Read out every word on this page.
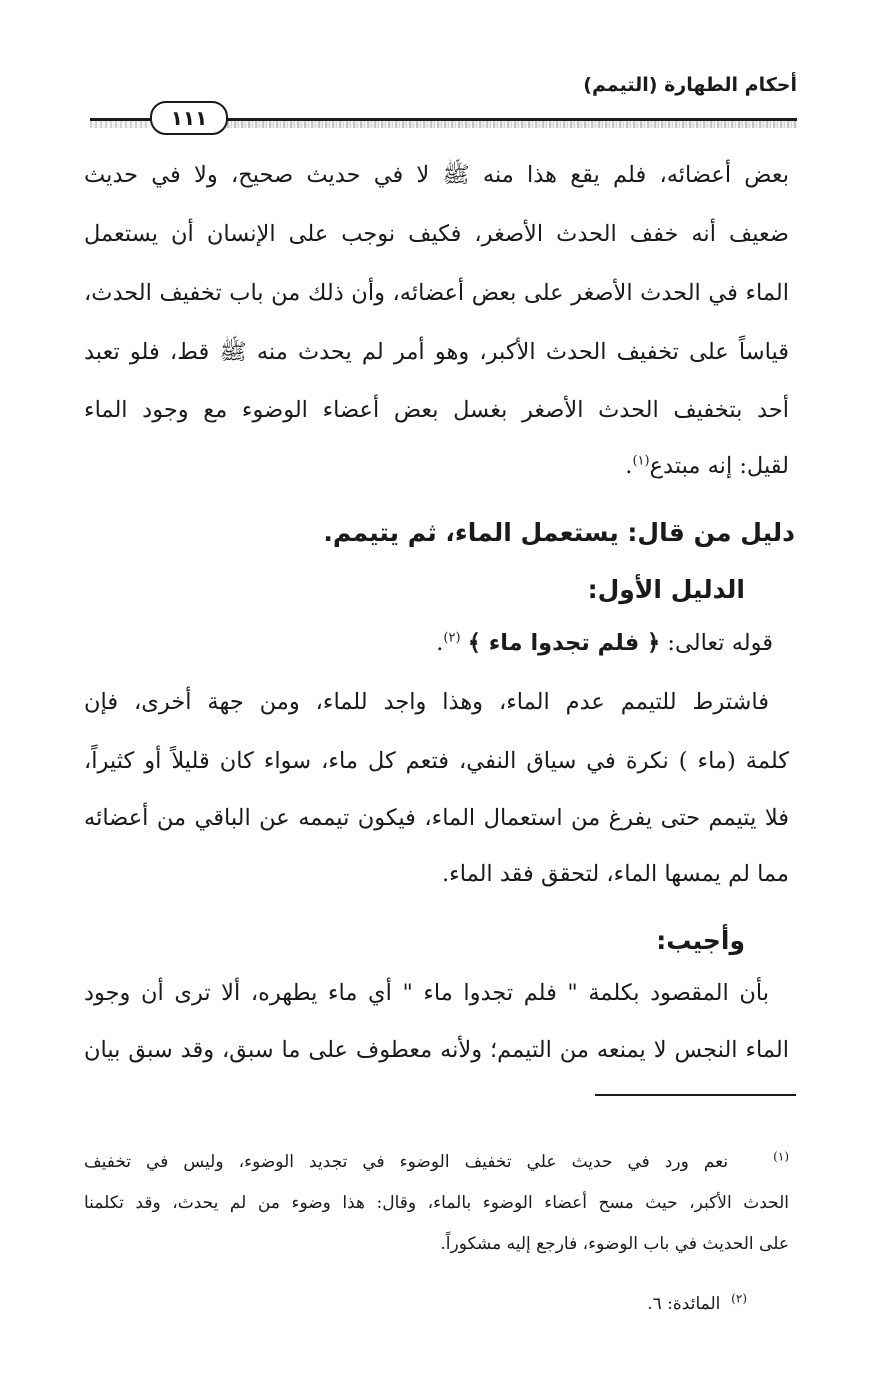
أحكام الطهارة (التيمم)
١١١
بعض أعضائه، فلم يقع هذا منه ﷺ لا في حديث صحيح، ولا في حديث
ضعيف أنه خفف الحدث الأصغر، فكيف نوجب على الإنسان أن يستعمل
الماء في الحدث الأصغر على بعض أعضائه، وأن ذلك من باب تخفيف الحدث،
قياساً على تخفيف الحدث الأكبر، وهو أمر لم يحدث منه ﷺ قط، فلو تعبد
أحد بتخفيف الحدث الأصغر بغسل بعض أعضاء الوضوء مع وجود الماء
لقيل: إنه مبتدع$^{(١)}$.
دليل من قال: يستعمل الماء، ثم يتيمم.
الدليل الأول:
قوله تعالى: ﴿ فلم تجدوا ماء ﴾ $^{(٢)}$.
فاشترط للتيمم عدم الماء، وهذا واجد للماء، ومن جهة أخرى، فإن
كلمة (ماء ) نكرة في سياق النفي، فتعم كل ماء، سواء كان قليلاً أو كثيراً،
فلا يتيمم حتى يفرغ من استعمال الماء، فيكون تيممه عن الباقي من أعضائه
مما لم يمسها الماء، لتحقق فقد الماء.
وأجيب:
بأن المقصود بكلمة " فلم تجدوا ماء " أي ماء يطهره، ألا ترى أن وجود
الماء النجس لا يمنعه من التيمم؛ ولأنه معطوف على ما سبق، وقد سبق بيان
$^{(١)}$   نعم ورد في حديث علي تخفيف الوضوء في تجديد الوضوء، وليس في تخفيف
الحدث الأكبر، حيث مسح أعضاء الوضوء بالماء، وقال: هذا وضوء من لم يحدث، وقد تكلمنا
على الحديث في باب الوضوء، فارجع إليه مشكوراً.
$^{(٢)}$  المائدة: ٦.
